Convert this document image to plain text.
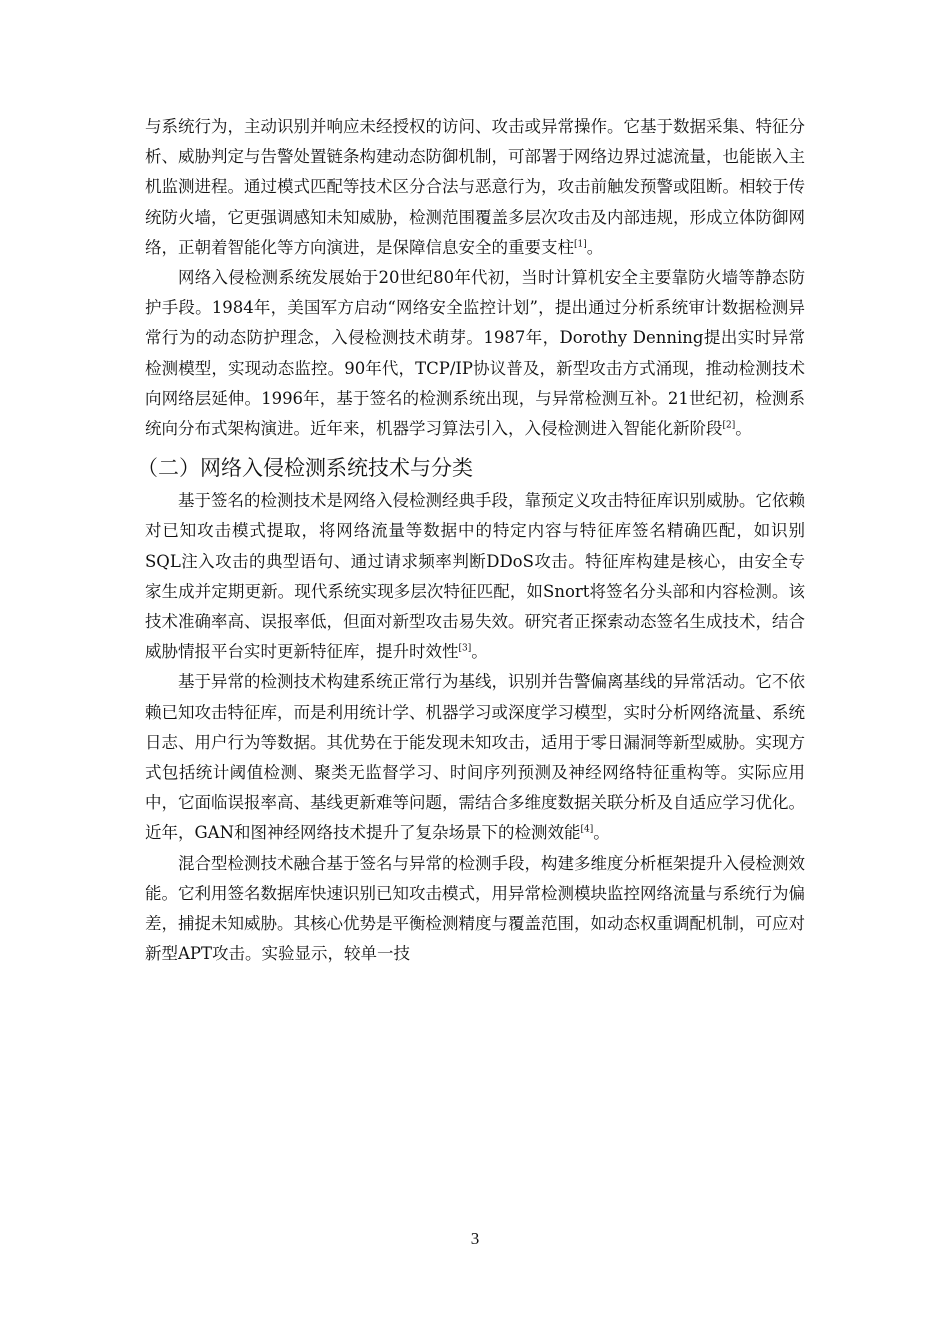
与系统行为，主动识别并响应未经授权的访问、攻击或异常操作。它基于数据采集、特征分析、威胁判定与告警处置链条构建动态防御机制，可部署于网络边界过滤流量，也能嵌入主机监测进程。通过模式匹配等技术区分合法与恶意行为，攻击前触发预警或阻断。相较于传统防火墙，它更强调感知未知威胁，检测范围覆盖多层次攻击及内部违规，形成立体防御网络，正朝着智能化等方向演进，是保障信息安全的重要支柱[1]。

网络入侵检测系统发展始于20世纪80年代初，当时计算机安全主要靠防火墙等静态防护手段。1984年，美国军方启动“网络安全监控计划”，提出通过分析系统审计数据检测异常行为的动态防护理念，入侵检测技术萌芽。1987年，Dorothy Denning提出实时异常检测模型，实现动态监控。90年代，TCP/IP协议普及，新型攻击方式涌现，推动检测技术向网络层延伸。1996年，基于签名的检测系统出现，与异常检测互补。21世纪初，检测系统向分布式架构演进。近年来，机器学习算法引入，入侵检测进入智能化新阶段[2]。

（二）网络入侵检测系统技术与分类

基于签名的检测技术是网络入侵检测经典手段，靠预定义攻击特征库识别威胁。它依赖对已知攻击模式提取，将网络流量等数据中的特定内容与特征库签名精确匹配，如识别SQL注入攻击的典型语句、通过请求频率判断DDoS攻击。特征库构建是核心，由安全专家生成并定期更新。现代系统实现多层次特征匹配，如Snort将签名分头部和内容检测。该技术准确率高、误报率低，但面对新型攻击易失效。研究者正探索动态签名生成技术，结合威胁情报平台实时更新特征库，提升时效性[3]。

基于异常的检测技术构建系统正常行为基线，识别并告警偏离基线的异常活动。它不依赖已知攻击特征库，而是利用统计学、机器学习或深度学习模型，实时分析网络流量、系统日志、用户行为等数据。其优势在于能发现未知攻击，适用于零日漏洞等新型威胁。实现方式包括统计阈值检测、聚类无监督学习、时间序列预测及神经网络特征重构等。实际应用中，它面临误报率高、基线更新难等问题，需结合多维度数据关联分析及自适应学习优化。近年，GAN和图神经网络技术提升了复杂场景下的检测效能[4]。

混合型检测技术融合基于签名与异常的检测手段，构建多维度分析框架提升入侵检测效能。它利用签名数据库快速识别已知攻击模式，用异常检测模块监控网络流量与系统行为偏差，捕捉未知威胁。其核心优势是平衡检测精度与覆盖范围，如动态权重调配机制，可应对新型APT攻击。实验显示，较单一技

3
